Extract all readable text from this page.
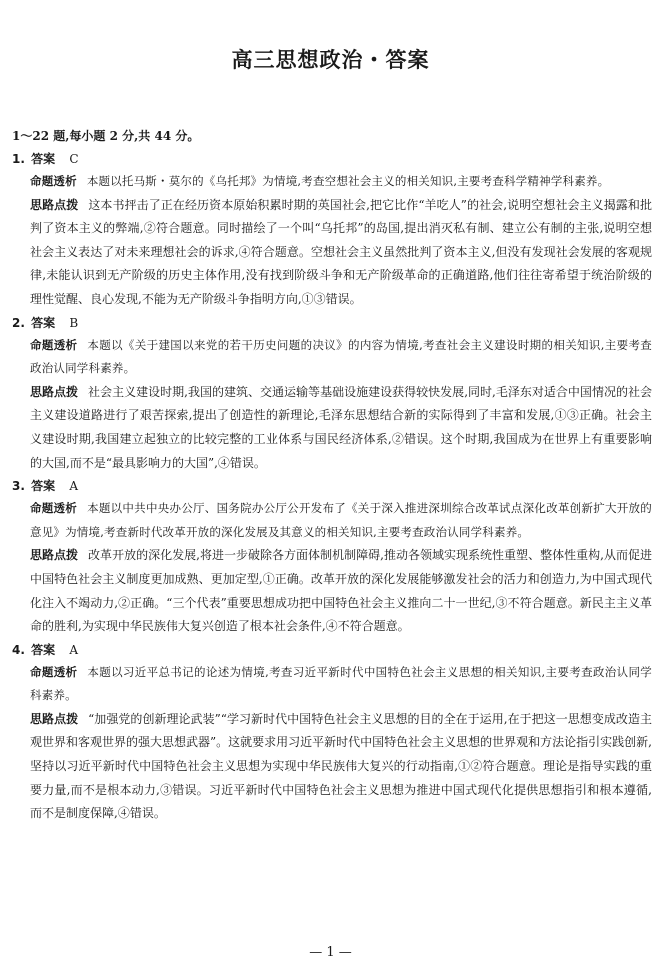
高三思想政治・答案

1～22 题,每小题 2 分,共 44 分。

1. 答案 C

命题透析 本题以托马斯・莫尔的《乌托邦》为情境,考查空想社会主义的相关知识,主要考查科学精神学科素养。

思路点拨 这本书抨击了正在经历资本原始积累时期的英国社会,把它比作“羊吃人”的社会,说明空想社会主义揭露和批判了资本主义的弊端,②符合题意。同时描绘了一个叫“乌托邦”的岛国,提出消灭私有制、建立公有制的主张,说明空想社会主义表达了对未来理想社会的诉求,④符合题意。空想社会主义虽然批判了资本主义,但没有发现社会发展的客观规律,未能认识到无产阶级的历史主体作用,没有找到阶级斗争和无产阶级革命的正确道路,他们往往寄希望于统治阶级的理性觉醒、良心发现,不能为无产阶级斗争指明方向,①③错误。

2. 答案 B

命题透析 本题以《关于建国以来党的若干历史问题的决议》的内容为情境,考查社会主义建设时期的相关知识,主要考查政治认同学科素养。

思路点拨 社会主义建设时期,我国的建筑、交通运输等基础设施建设获得较快发展,同时,毛泽东对适合中国情况的社会主义建设道路进行了艰苦探索,提出了创造性的新理论,毛泽东思想结合新的实际得到了丰富和发展,①③正确。社会主义建设时期,我国建立起独立的比较完整的工业体系与国民经济体系,②错误。这个时期,我国成为在世界上有重要影响的大国,而不是“最具影响力的大国”,④错误。

3. 答案 A

命题透析 本题以中共中央办公厅、国务院办公厅公开发布了《关于深入推进深圳综合改革试点深化改革创新扩大开放的意见》为情境,考查新时代改革开放的深化发展及其意义的相关知识,主要考查政治认同学科素养。

思路点拨 改革开放的深化发展,将进一步破除各方面体制机制障碍,推动各领域实现系统性重塑、整体性重构,从而促进中国特色社会主义制度更加成熟、更加定型,①正确。改革开放的深化发展能够激发社会的活力和创造力,为中国式现代化注入不竭动力,②正确。“三个代表”重要思想成功把中国特色社会主义推向二十一世纪,③不符合题意。新民主主义革命的胜利,为实现中华民族伟大复兴创造了根本社会条件,④不符合题意。

4. 答案 A

命题透析 本题以习近平总书记的论述为情境,考查习近平新时代中国特色社会主义思想的相关知识,主要考查政治认同学科素养。

思路点拨 “加强党的创新理论武装”“学习新时代中国特色社会主义思想的目的全在于运用,在于把这一思想变成改造主观世界和客观世界的强大思想武器”。这就要求用习近平新时代中国特色社会主义思想的世界观和方法论指引实践创新,坚持以习近平新时代中国特色社会主义思想为实现中华民族伟大复兴的行动指南,①②符合题意。理论是指导实践的重要力量,而不是根本动力,③错误。习近平新时代中国特色社会主义思想为推进中国式现代化提供思想指引和根本遵循,而不是制度保障,④错误。

— 1 —
